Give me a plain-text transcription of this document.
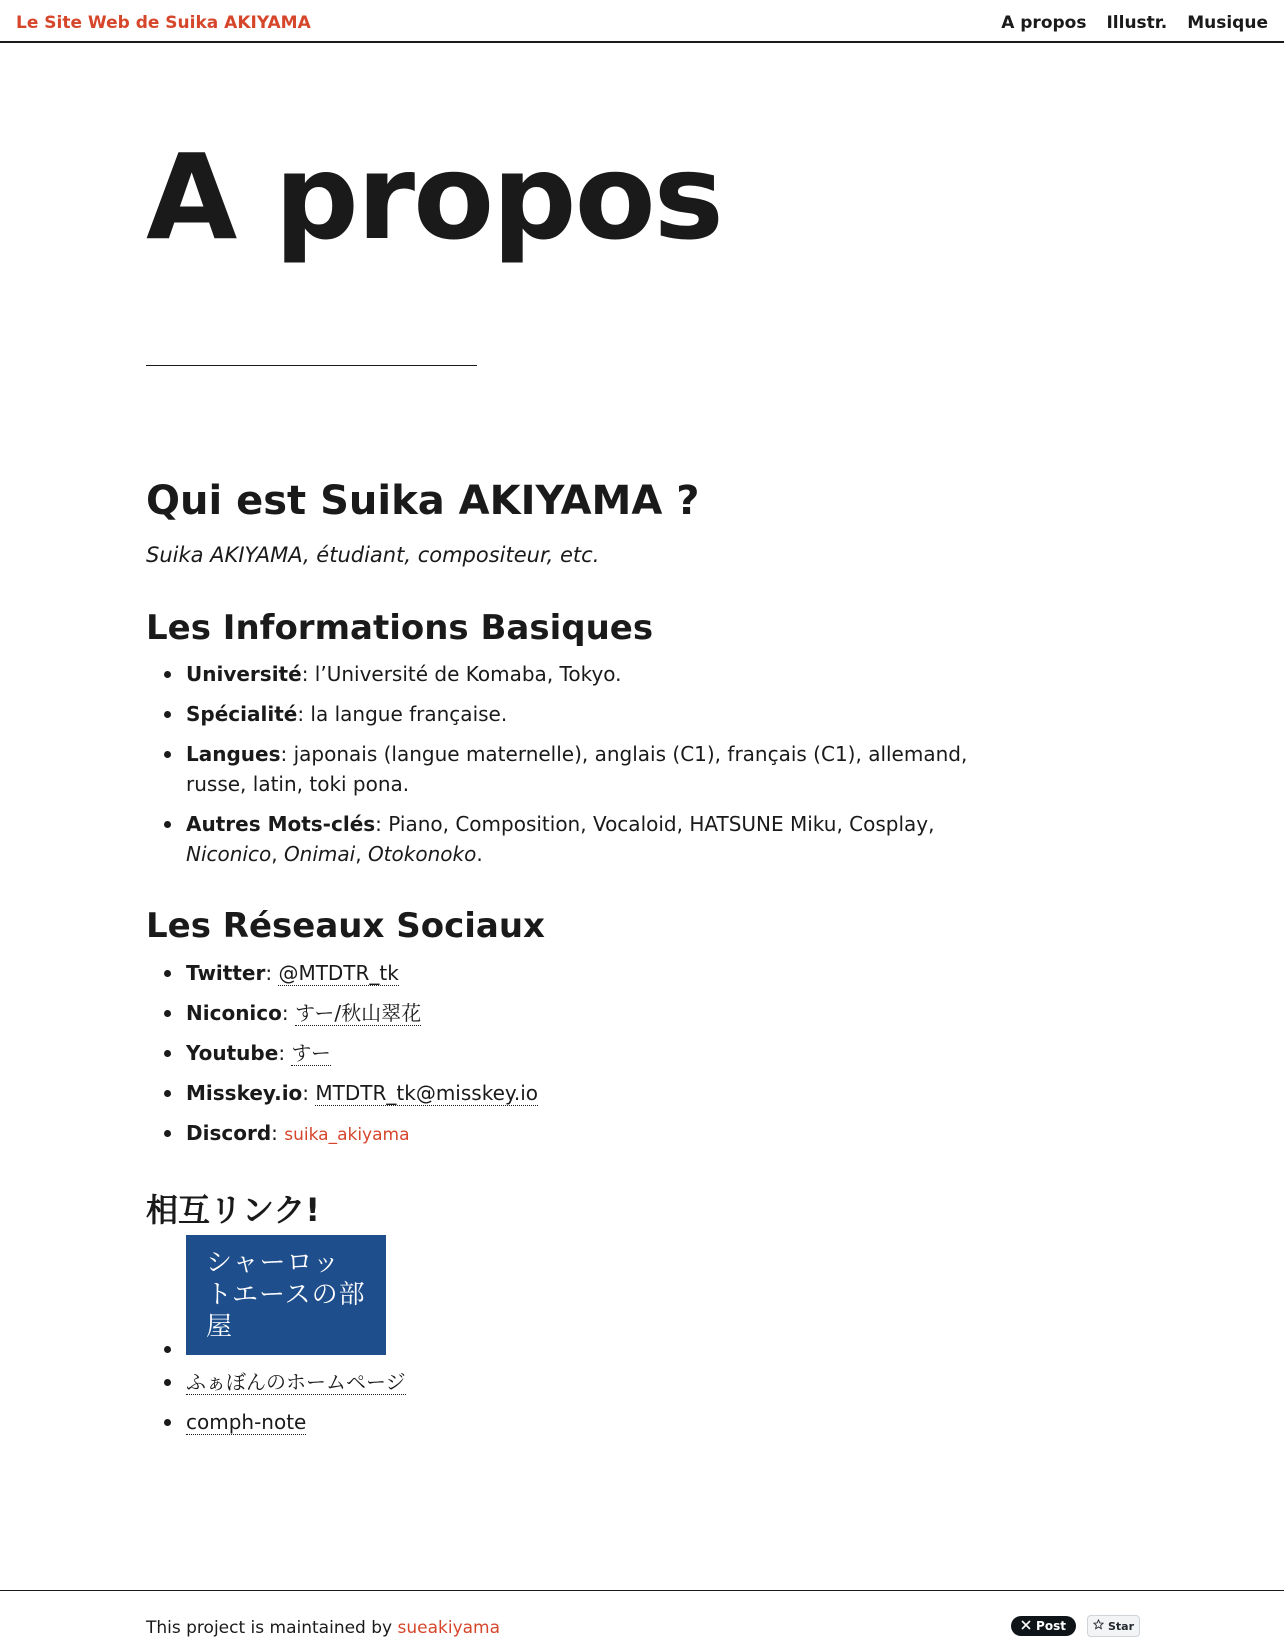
Le Site Web de Suika AKIYAMA	A propos Illustr. Musique
A propos
Qui est Suika AKIYAMA ?

Suika AKIYAMA, étudiant, compositeur, etc.

Les Informations Basiques
Université: l’Université de Komaba, Tokyo.
Spécialité: la langue française.
Langues: japonais (langue maternelle), anglais (C1), français (C1), allemand, russe, latin, toki pona.
Autres Mots-clés: Piano, Composition, Vocaloid, HATSUNE Miku, Cosplay, Niconico, Onimai, Otokonoko.
Les Réseaux Sociaux
Twitter: @MTDTR_tk
Niconico: すー/秋山翠花
Youtube: すー
Misskey.io: MTDTR_tk@misskey.io
Discord: suika_akiyama
相互リンク!
シャーロットエースの部屋
ふぁぼんのホームページ
comph-note
This project is maintained by sueakiyama	Post	Star
